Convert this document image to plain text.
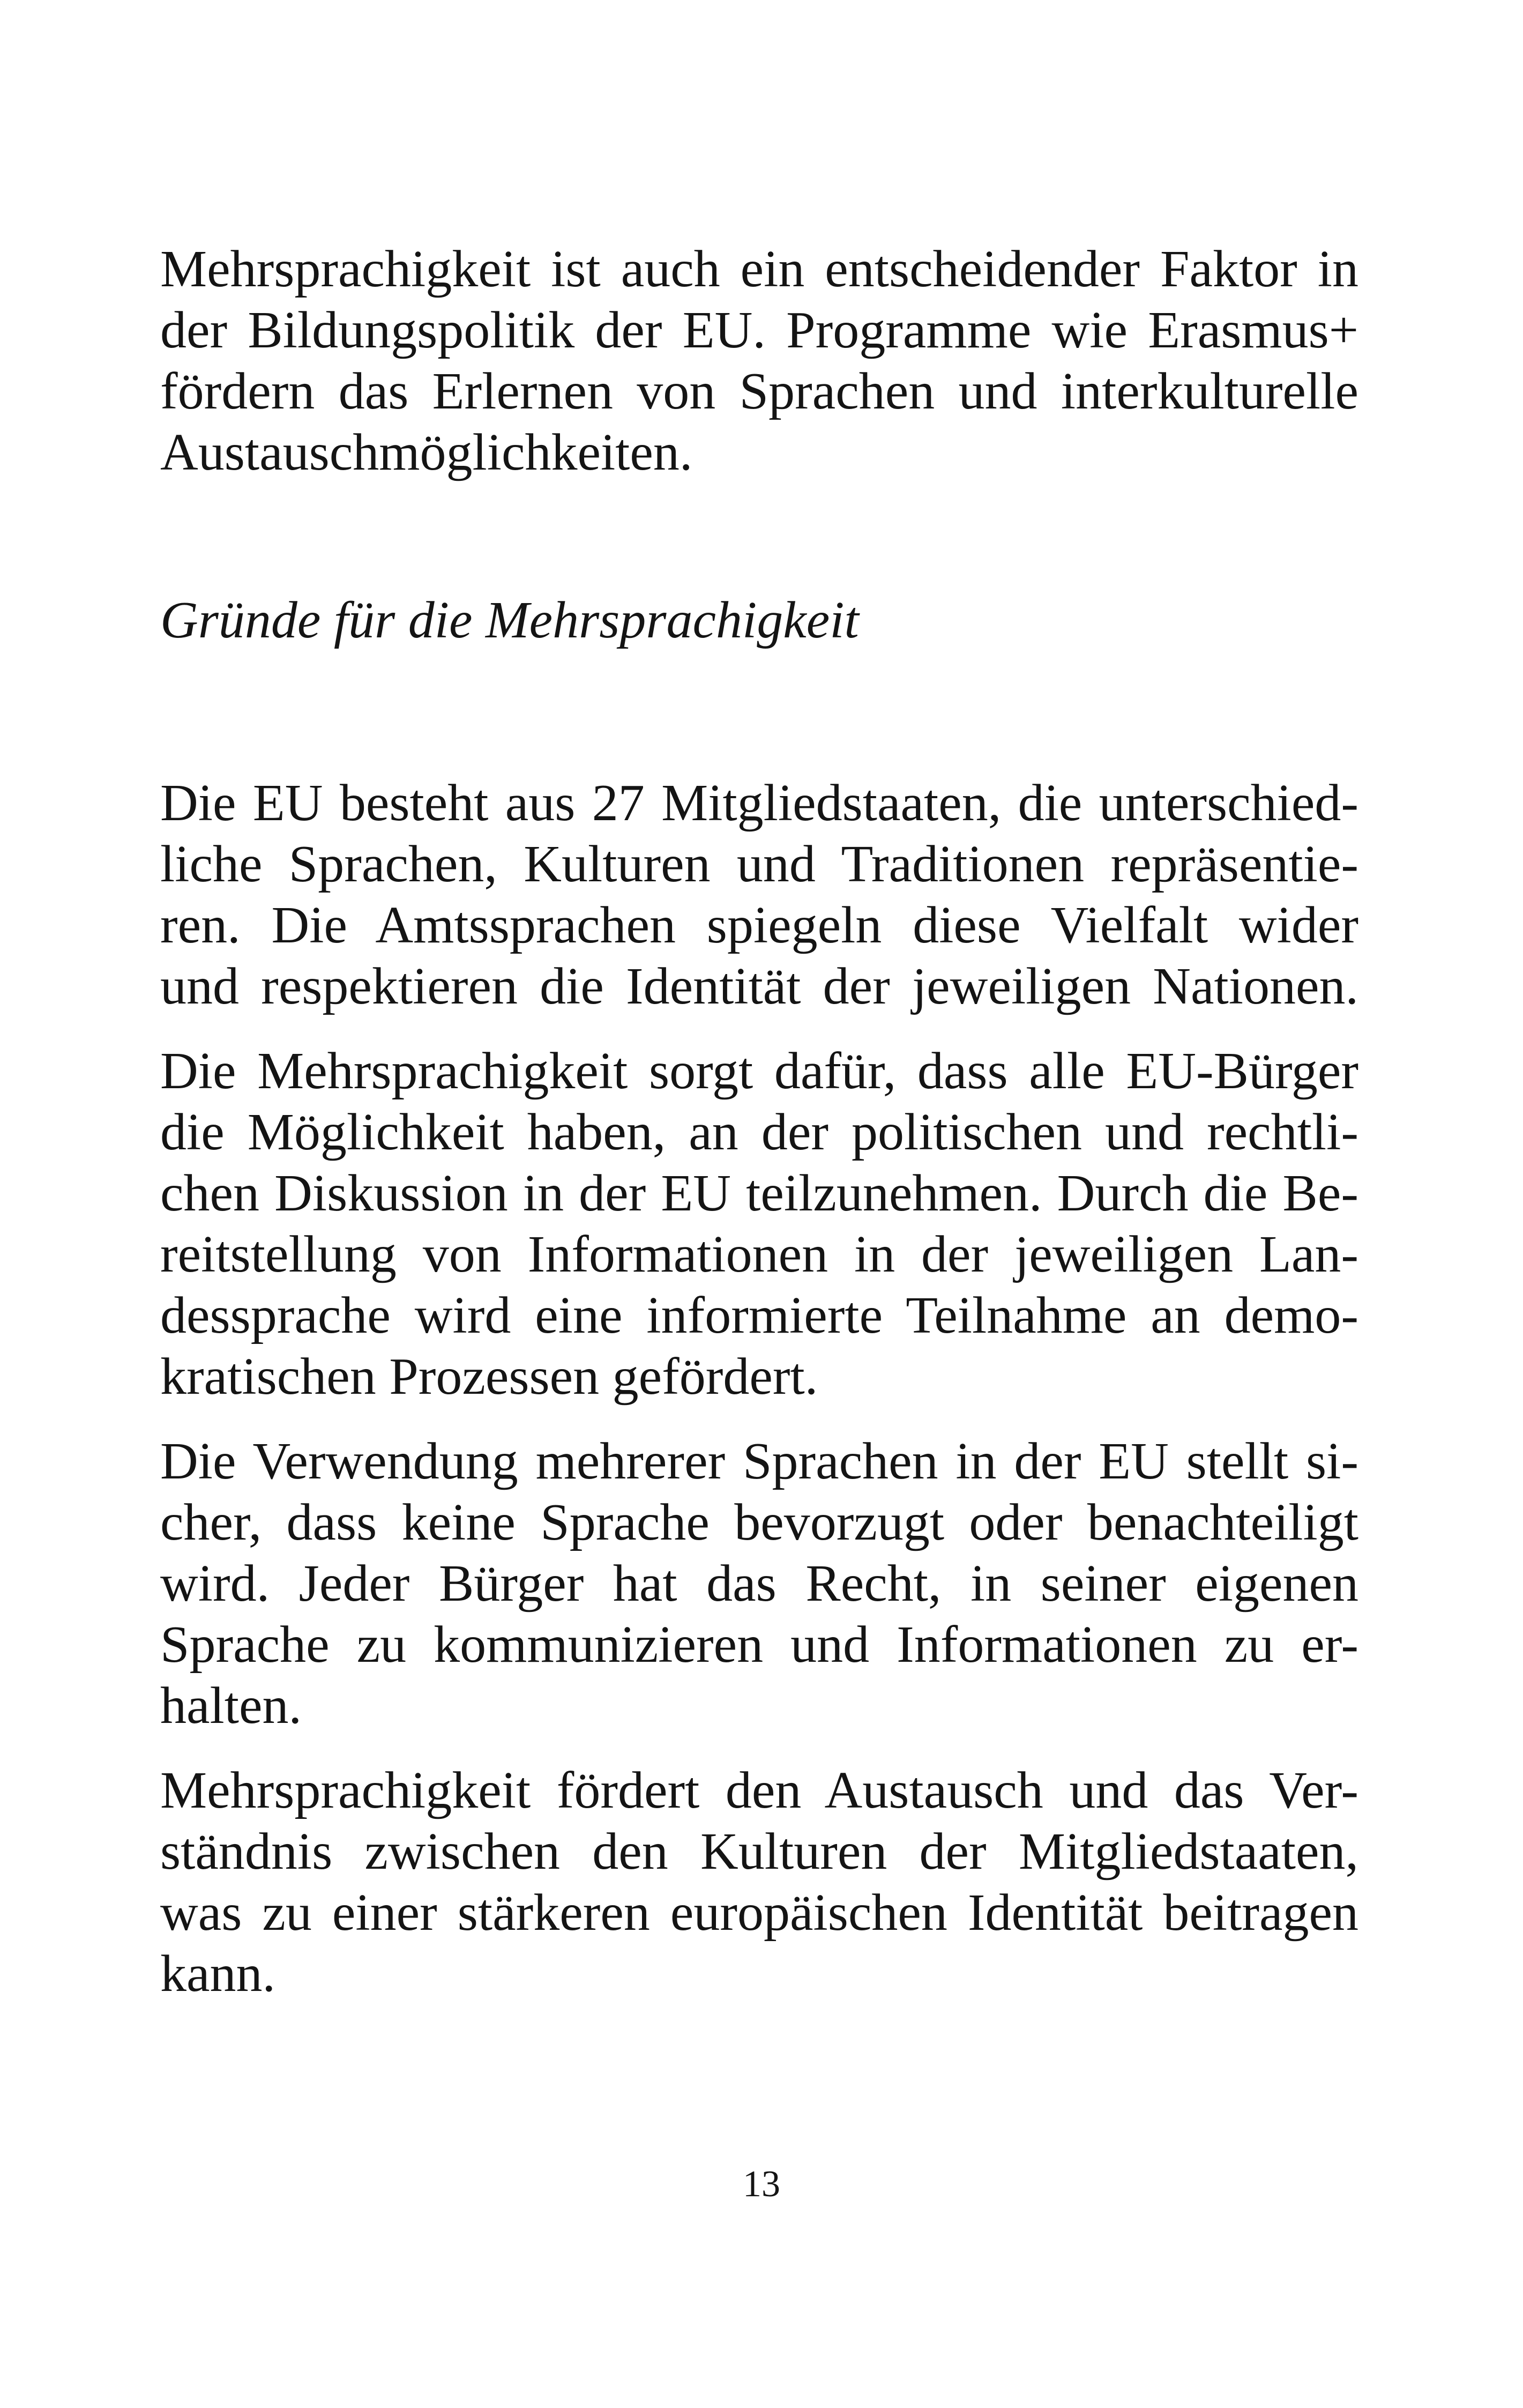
Mehrsprachigkeit ist auch ein entscheidender Faktor in
der Bildungspolitik der EU. Programme wie Erasmus+
fördern das Erlernen von Sprachen und interkulturelle
Austauschmöglichkeiten.

Gründe für die Mehrsprachigkeit

Die EU besteht aus 27 Mitgliedstaaten, die unterschied-
liche Sprachen, Kulturen und Traditionen repräsentie-
ren. Die Amtssprachen spiegeln diese Vielfalt wider
und respektieren die Identität der jeweiligen Nationen.

Die Mehrsprachigkeit sorgt dafür, dass alle EU-Bürger
die Möglichkeit haben, an der politischen und rechtli-
chen Diskussion in der EU teilzunehmen. Durch die Be-
reitstellung von Informationen in der jeweiligen Lan-
dessprache wird eine informierte Teilnahme an demo-
kratischen Prozessen gefördert.

Die Verwendung mehrerer Sprachen in der EU stellt si-
cher, dass keine Sprache bevorzugt oder benachteiligt
wird. Jeder Bürger hat das Recht, in seiner eigenen
Sprache zu kommunizieren und Informationen zu er-
halten.

Mehrsprachigkeit fördert den Austausch und das Ver-
ständnis zwischen den Kulturen der Mitgliedstaaten,
was zu einer stärkeren europäischen Identität beitragen
kann.

13
